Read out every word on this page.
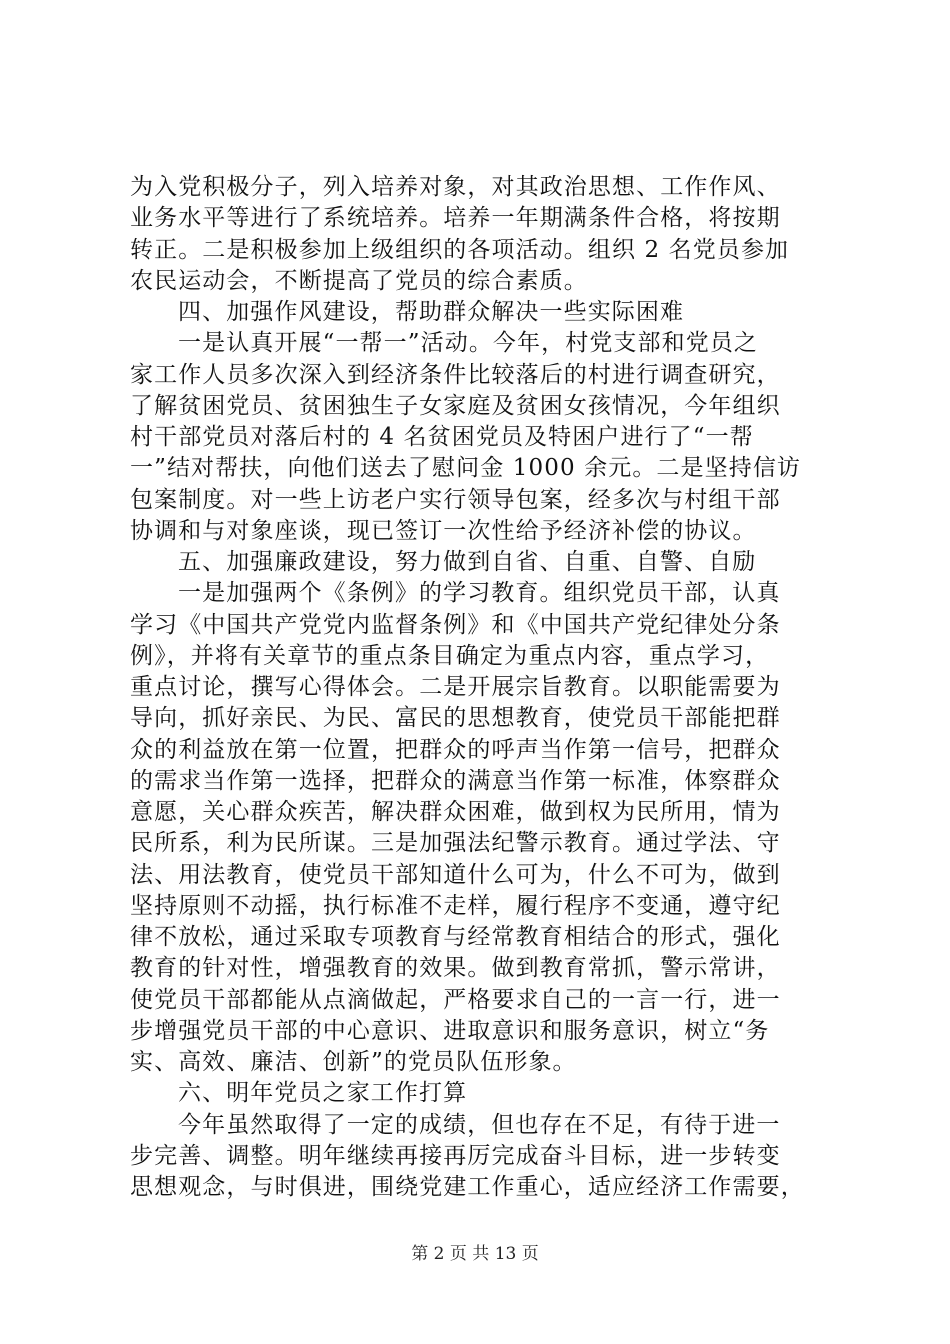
为入党积极分子，列入培养对象，对其政治思想、工作作风、
业务水平等进行了系统培养。培养一年期满条件合格，将按期
转正。二是积极参加上级组织的各项活动。组织 2 名党员参加
农民运动会，不断提高了党员的综合素质。
四、加强作风建设，帮助群众解决一些实际困难
一是认真开展“一帮一”活动。今年，村党支部和党员之
家工作人员多次深入到经济条件比较落后的村进行调查研究，
了解贫困党员、贫困独生子女家庭及贫困女孩情况，今年组织
村干部党员对落后村的 4 名贫困党员及特困户进行了“一帮
一”结对帮扶，向他们送去了慰问金 1000 余元。二是坚持信访
包案制度。对一些上访老户实行领导包案，经多次与村组干部
协调和与对象座谈，现已签订一次性给予经济补偿的协议。
五、加强廉政建设，努力做到自省、自重、自警、自励
一是加强两个《条例》的学习教育。组织党员干部，认真
学习《中国共产党党内监督条例》和《中国共产党纪律处分条
例》，并将有关章节的重点条目确定为重点内容，重点学习，
重点讨论，撰写心得体会。二是开展宗旨教育。以职能需要为
导向，抓好亲民、为民、富民的思想教育，使党员干部能把群
众的利益放在第一位置，把群众的呼声当作第一信号，把群众
的需求当作第一选择，把群众的满意当作第一标准，体察群众
意愿，关心群众疾苦，解决群众困难，做到权为民所用，情为
民所系，利为民所谋。三是加强法纪警示教育。通过学法、守
法、用法教育，使党员干部知道什么可为，什么不可为，做到
坚持原则不动摇，执行标准不走样，履行程序不变通，遵守纪
律不放松，通过采取专项教育与经常教育相结合的形式，强化
教育的针对性，增强教育的效果。做到教育常抓，警示常讲，
使党员干部都能从点滴做起，严格要求自己的一言一行，进一
步增强党员干部的中心意识、进取意识和服务意识，树立“务
实、高效、廉洁、创新”的党员队伍形象。
六、明年党员之家工作打算
今年虽然取得了一定的成绩，但也存在不足，有待于进一
步完善、调整。明年继续再接再厉完成奋斗目标，进一步转变
思想观念，与时俱进，围绕党建工作重心，适应经济工作需要，
第 2 页 共 13 页
